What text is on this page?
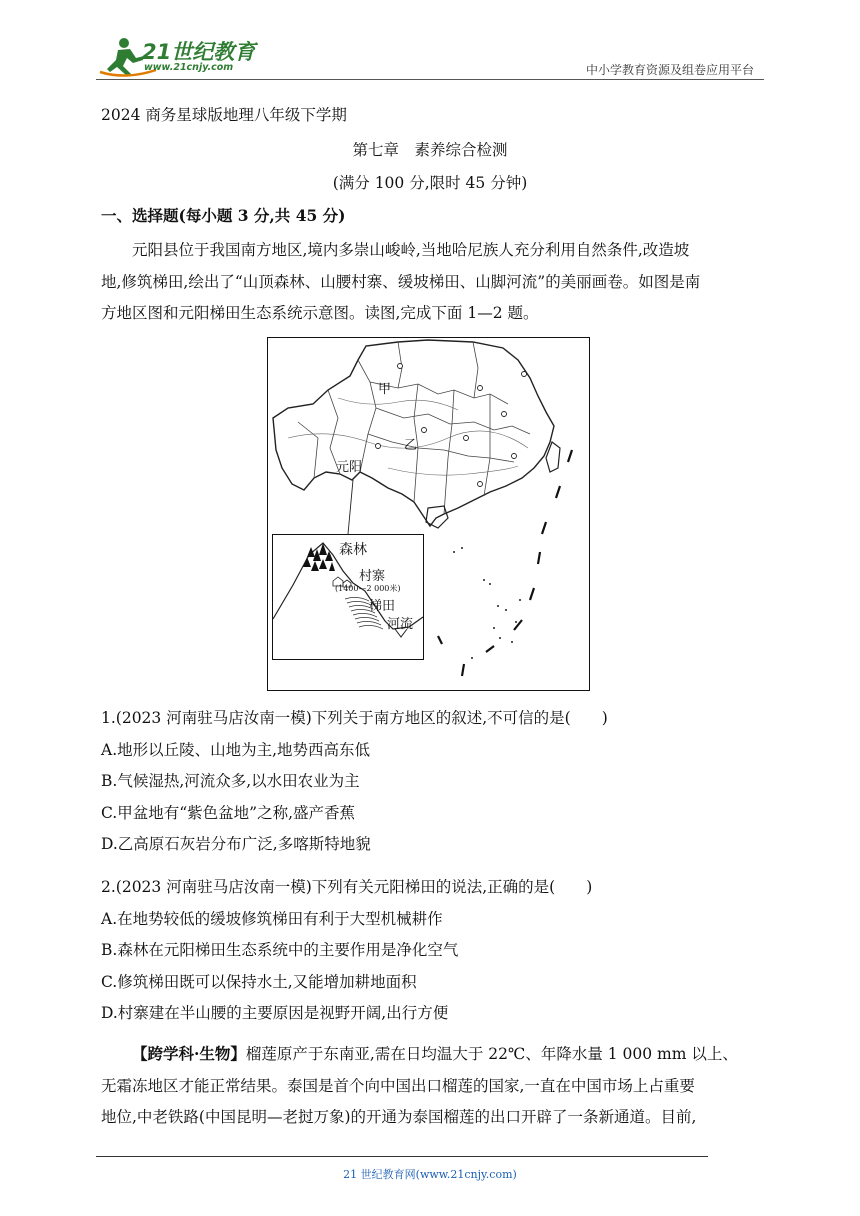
21世纪教育
www.21cnjy.com	中小学教育资源及组卷应用平台
2024 商务星球版地理八年级下学期
第七章　素养综合检测
(满分 100 分,限时 45 分钟)
一、选择题(每小题 3 分,共 45 分)
元阳县位于我国南方地区,境内多崇山峻岭,当地哈尼族人充分利用自然条件,改造坡
地,修筑梯田,绘出了“山顶森林、山腰村寨、缓坡梯田、山脚河流”的美丽画卷。如图是南
方地区图和元阳梯田生态系统示意图。读图,完成下面 1—2 题。
甲
乙
元阳
森林
村寨
(1400—2 000米)
梯田
河流
1.(2023 河南驻马店汝南一模)下列关于南方地区的叙述,不可信的是(　　)
A.地形以丘陵、山地为主,地势西高东低
B.气候湿热,河流众多,以水田农业为主
C.甲盆地有“紫色盆地”之称,盛产香蕉
D.乙高原石灰岩分布广泛,多喀斯特地貌
2.(2023 河南驻马店汝南一模)下列有关元阳梯田的说法,正确的是(　　)
A.在地势较低的缓坡修筑梯田有利于大型机械耕作
B.森林在元阳梯田生态系统中的主要作用是净化空气
C.修筑梯田既可以保持水土,又能增加耕地面积
D.村寨建在半山腰的主要原因是视野开阔,出行方便
【跨学科·生物】榴莲原产于东南亚,需在日均温大于 22℃、年降水量 1 000 mm 以上、
无霜冻地区才能正常结果。泰国是首个向中国出口榴莲的国家,一直在中国市场上占重要
地位,中老铁路(中国昆明—老挝万象)的开通为泰国榴莲的出口开辟了一条新通道。目前,
21 世纪教育网(www.21cnjy.com)
